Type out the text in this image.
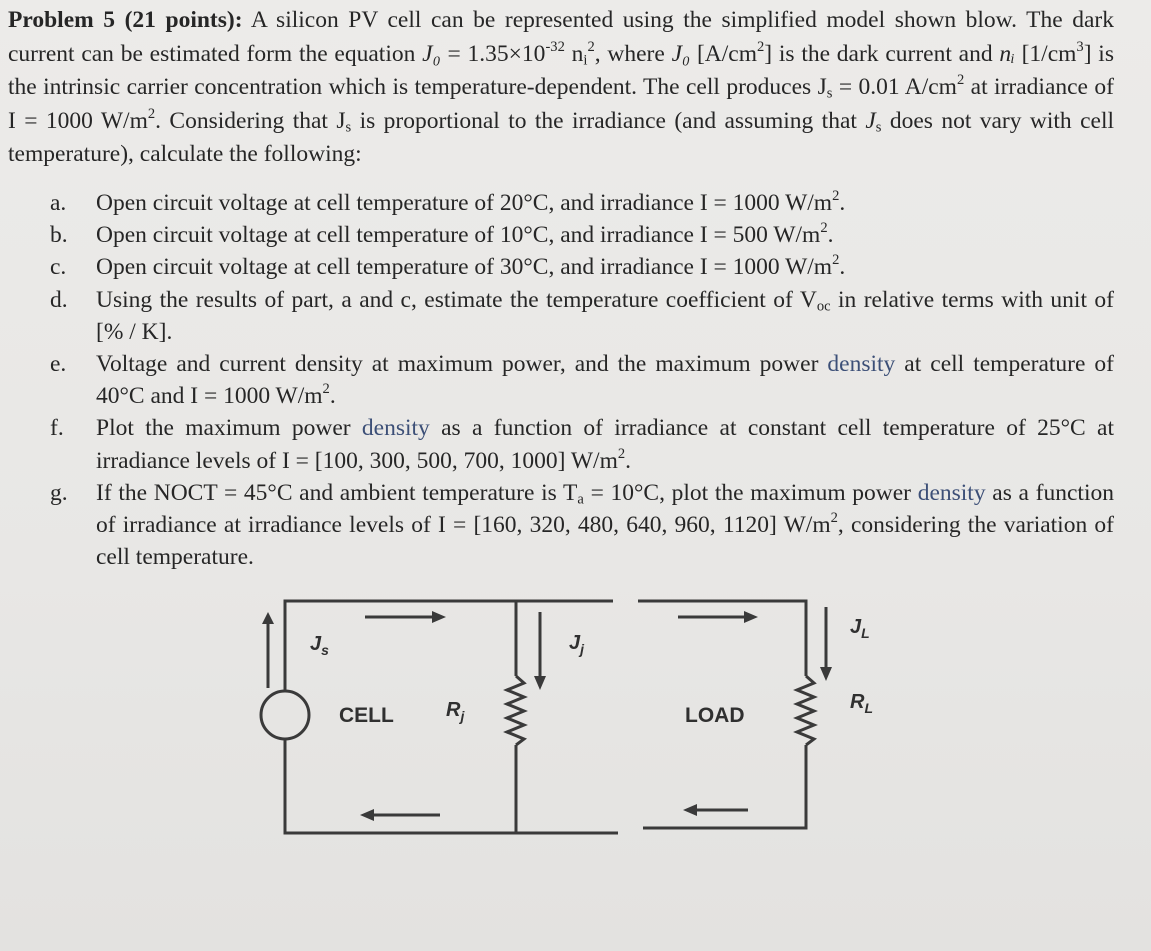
Problem 5 (21 points): A silicon PV cell can be represented using the simplified model shown blow. The dark current can be estimated form the equation $J_0 = 1.35\times 10^{-32}$ $n_i^2$, where J₀ $[A/cm^2]$ is the dark current and nᵢ $[1/cm^3]$ is the intrinsic carrier concentration which is temperature-dependent. The cell produces $J_s = 0.01$ $A/cm^2$ at irradiance of I = 1000 $W/m^2$. Considering that $J_s$ is proportional to the irradiance (and assuming that $J_s$ does not vary with cell temperature), calculate the following:
a.	Open circuit voltage at cell temperature of 20°C, and irradiance I = 1000 $W/m^2$.
b.	Open circuit voltage at cell temperature of 10°C, and irradiance I = 500 $W/m^2$.
c.	Open circuit voltage at cell temperature of 30°C, and irradiance I = 1000 $W/m^2$.
d.	Using the results of part, a and c, estimate the temperature coefficient of $V_{oc}$ in relative terms with unit of [% / K].
e.	Voltage and current density at maximum power, and the maximum power density at cell temperature of 40°C and I = 1000 $W/m^2$.
f.	Plot the maximum power density as a function of irradiance at constant cell temperature of 25°C at irradiance levels of I = [100, 300, 500, 700, 1000] $W/m^2$.
g.	If the NOCT = 45°C and ambient temperature is $T_a = 10^\circ C$, plot the maximum power density as a function of irradiance at irradiance levels of I = [160, 320, 480, 640, 960, 1120] $W/m^2$, considering the variation of cell temperature.
$J_s$
CELL	$R_j$
$J_j$
LOAD
$J_L$
$R_L$
